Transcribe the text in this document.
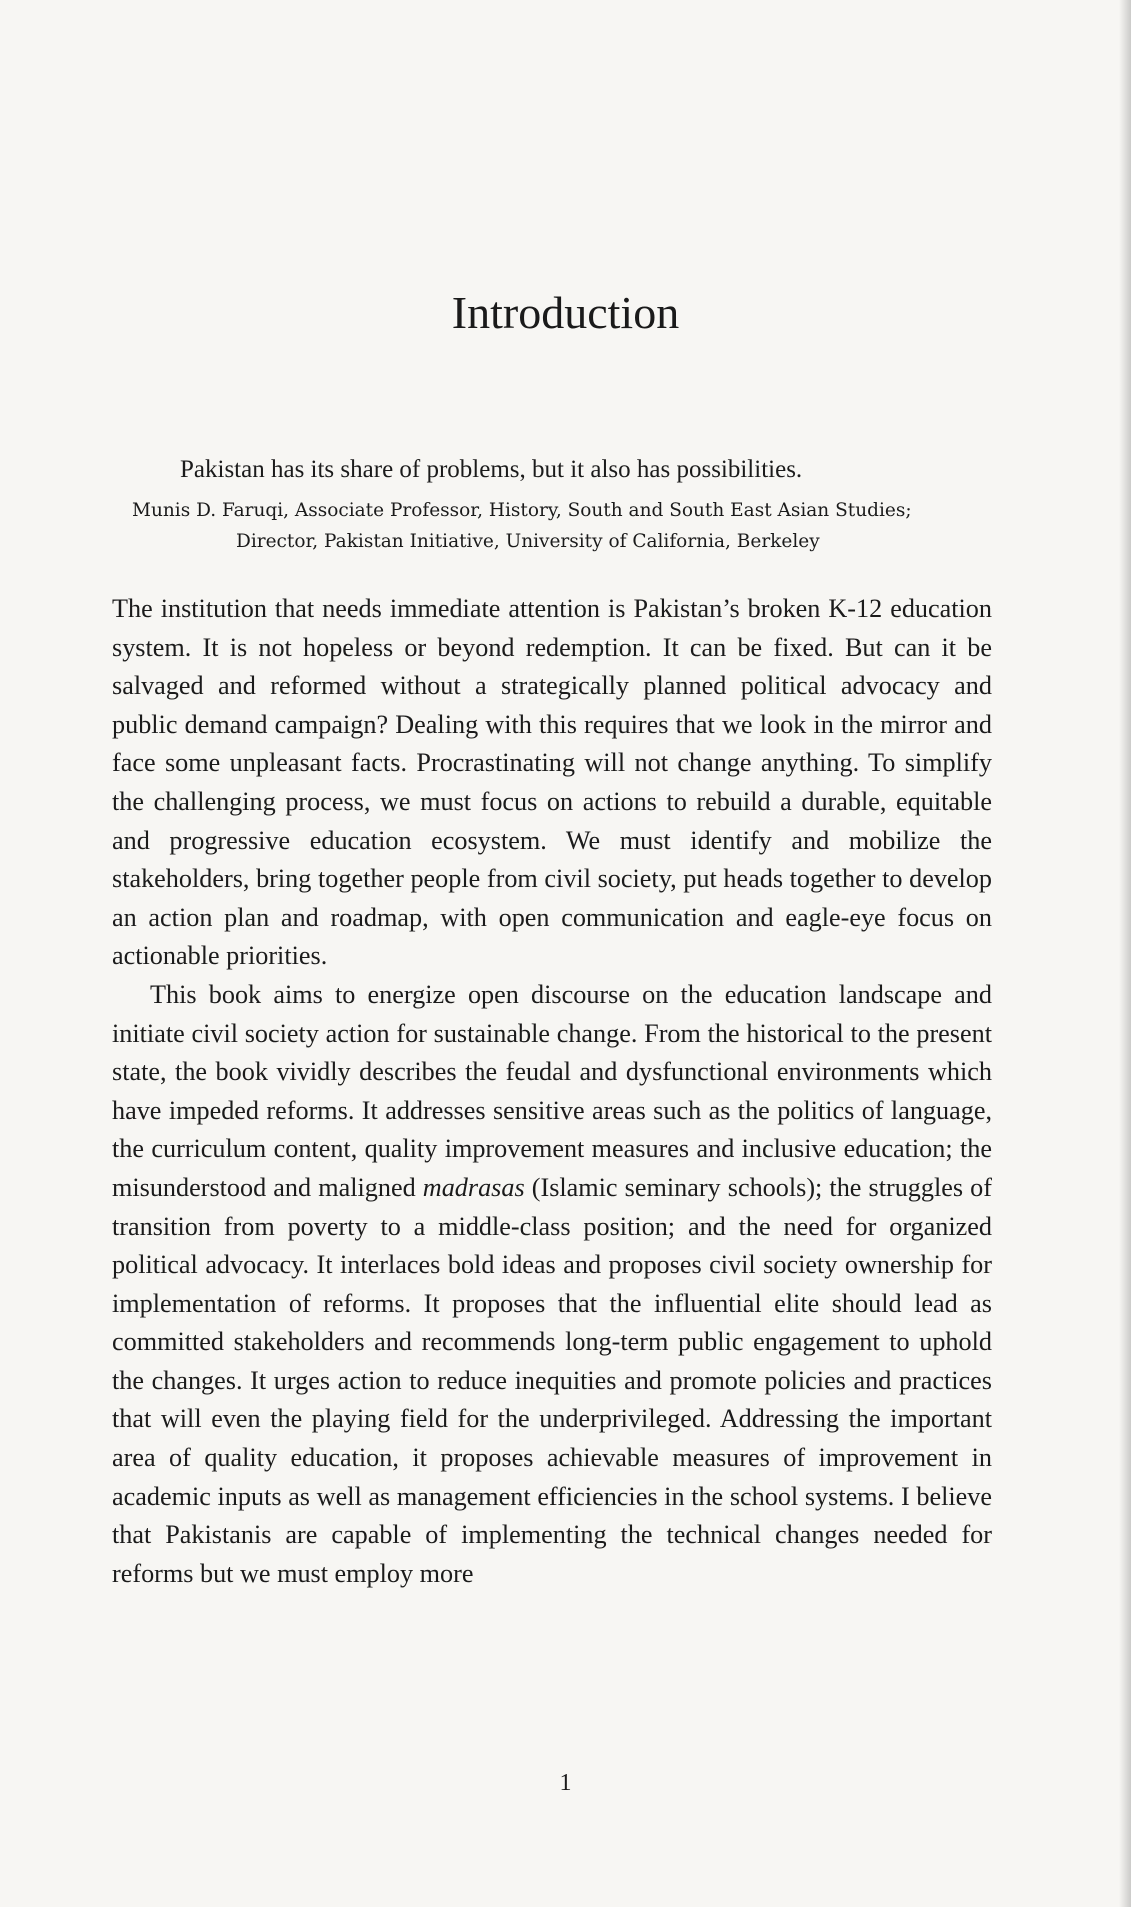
Introduction
Pakistan has its share of problems, but it also has possibilities.
Munis D. Faruqi, Associate Professor, History, South and South East Asian Studies;
Director, Pakistan Initiative, University of California, Berkeley

The institution that needs immediate attention is Pakistan’s broken K-12 education system. It is not hopeless or beyond redemption. It can be fixed. But can it be salvaged and reformed without a strategically planned political advocacy and public demand campaign? Dealing with this requires that we look in the mirror and face some unpleasant facts. Procrastinating will not change anything. To simplify the challenging process, we must focus on actions to rebuild a durable, equitable and progressive education ecosystem. We must identify and mobilize the stakeholders, bring together people from civil society, put heads together to develop an action plan and roadmap, with open communication and eagle-eye focus on actionable priorities.

This book aims to energize open discourse on the education landscape and initiate civil society action for sustainable change. From the historical to the present state, the book vividly describes the feudal and dysfunctional environments which have impeded reforms. It addresses sensitive areas such as the politics of language, the curriculum content, quality improvement measures and inclusive education; the misunderstood and maligned madrasas (Islamic seminary schools); the struggles of transition from poverty to a middle-class position; and the need for organized political advocacy. It interlaces bold ideas and proposes civil society ownership for implementation of reforms. It proposes that the influential elite should lead as committed stakeholders and recommends long-term public engagement to uphold the changes. It urges action to reduce inequities and promote policies and practices that will even the playing field for the underprivileged. Addressing the important area of quality education, it proposes achievable measures of improvement in academic inputs as well as management efficiencies in the school systems. I believe that Pakistanis are capable of implementing the technical changes needed for reforms but we must employ more

1
